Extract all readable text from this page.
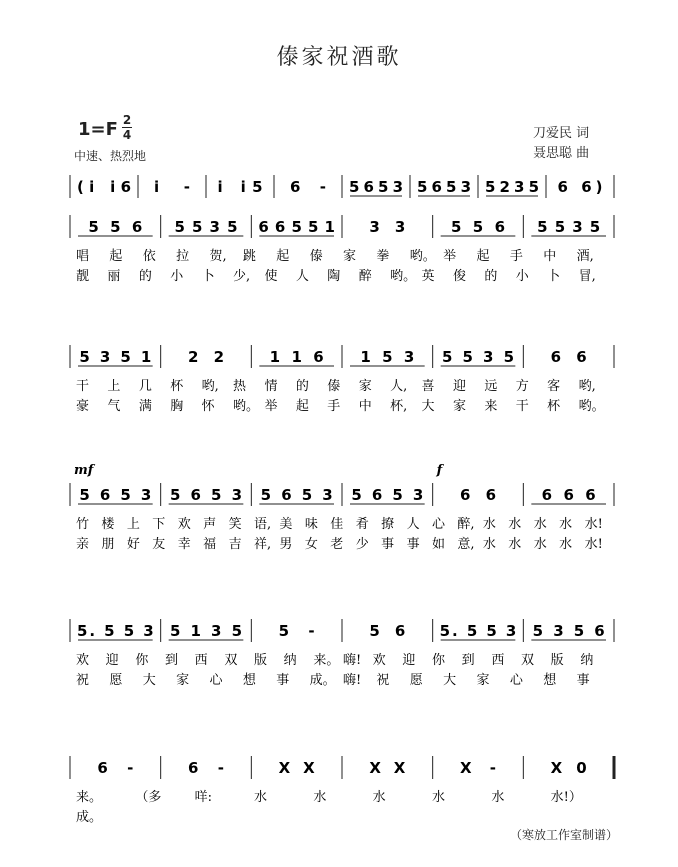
傣家祝酒歌
1=F 2
4
中速、热烈地
刀爱民 词
聂思聪 曲
(i i6 i - i i5 6 - 5 6 5 3 5 6 5 3 5 2 3 5 6 6)
5 5 6 5 5 3 5 6 6 5 5 1 3 3	5 5 6 5 5 3 5
唱 起 依 拉 贺, 跳 起 傣 家 拳 哟。 举 起 手 中 酒,
靓 丽 的 小 卜 少, 使 人 陶 醉 哟。 英 俊 的 小 卜 冒,
5 3 5 1 2 2	1 1 6 1 5 3 5 5 3 5 6 6
干 上 几 杯 哟, 热 情 的 傣 家 人, 喜 迎 远 方 客 哟,
豪 气 满 胸 怀 哟。 举 起 手 中 杯, 大 家 来 干 杯 哟。
5 6 5 3 5 6 5 3 5 6 5 3 5 6 5 3 6 6	6 6 6
mf	f
竹 楼 上 下 欢 声 笑 语, 美 味 佳 肴 撩 人 心 醉, 水 水 水 水 水!
亲 朋 好 友 幸 福 吉 祥, 男 女 老 少 事 事 如 意, 水 水 水 水 水!
5. 5 5 3 5 1 3 5 5 -	5 6 5. 5 5 3 5 3 5 6
欢 迎 你 到 西 双 版 纳 来。 嗨! 欢 迎 你 到 西 双 版 纳
祝 愿 大 家 心 想 事 成。 嗨! 祝 愿 大 家 心 想 事
6 -	6 -	X X	X X	X -	X 0
来。	（多	咩:	水	水	水	水	水	水!）
成。
（寒放工作室制谱）
